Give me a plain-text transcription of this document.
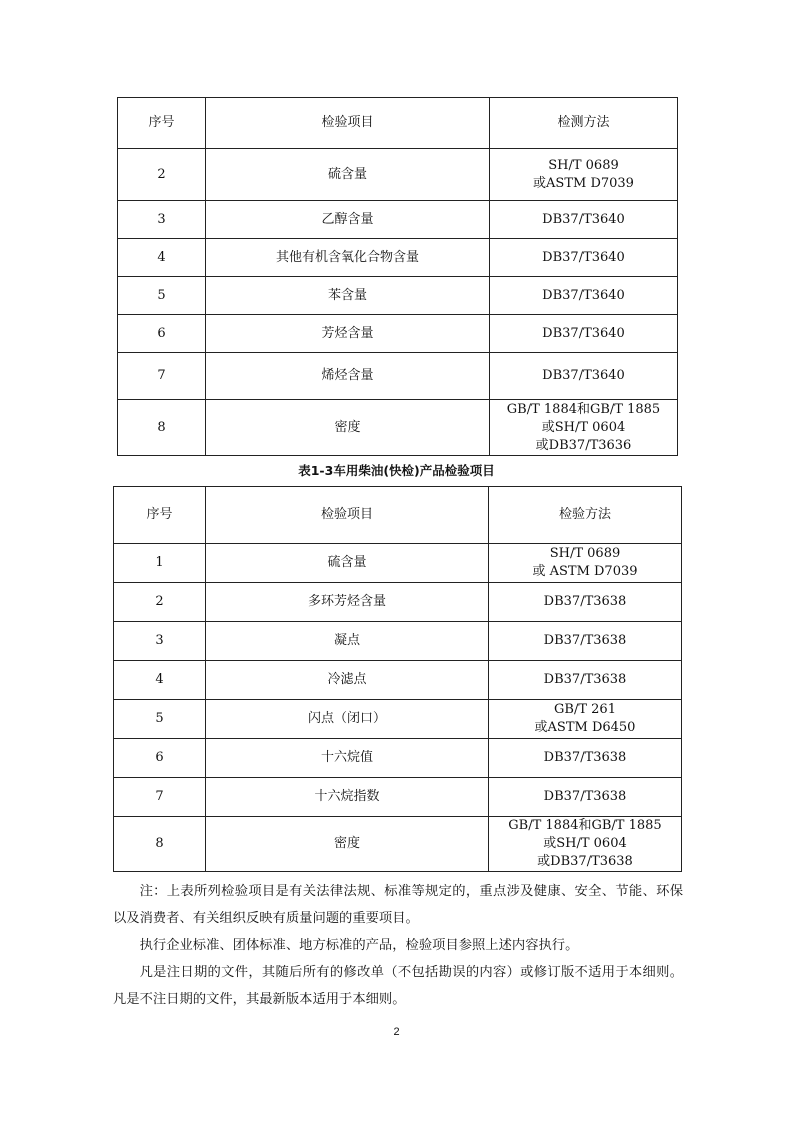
序号	检验项目	检测方法
2	硫含量	SH/T 0689
或ASTM D7039

3	乙醇含量	DB37/T3640
4	其他有机含氧化合物含量	DB37/T3640
5	苯含量	DB37/T3640
6	芳烃含量	DB37/T3640
7	烯烃含量	DB37/T3640
8	密度	GB/T 1884和GB/T 1885
或SH/T 0604
或DB37/T3636
表1-3车用柴油(快检)产品检验项目
序号	检验项目	检验方法
1	硫含量	SH/T 0689
或 ASTM D7039

2	多环芳烃含量	DB37/T3638
3	凝点	DB37/T3638
4	冷滤点	DB37/T3638
5	闪点（闭口）	GB/T 261
或ASTM D6450

6	十六烷值	DB37/T3638
7	十六烷指数	DB37/T3638
8	密度	GB/T 1884和GB/T 1885
或SH/T 0604
或DB37/T3638

注：上表所列检验项目是有关法律法规、标准等规定的，重点涉及健康、安全、节能、环保以及消费者、有关组织反映有质量问题的重要项目。

执行企业标准、团体标准、地方标准的产品，检验项目参照上述内容执行。

凡是注日期的文件，其随后所有的修改单（不包括勘误的内容）或修订版不适用于本细则。凡是不注日期的文件，其最新版本适用于本细则。

2
